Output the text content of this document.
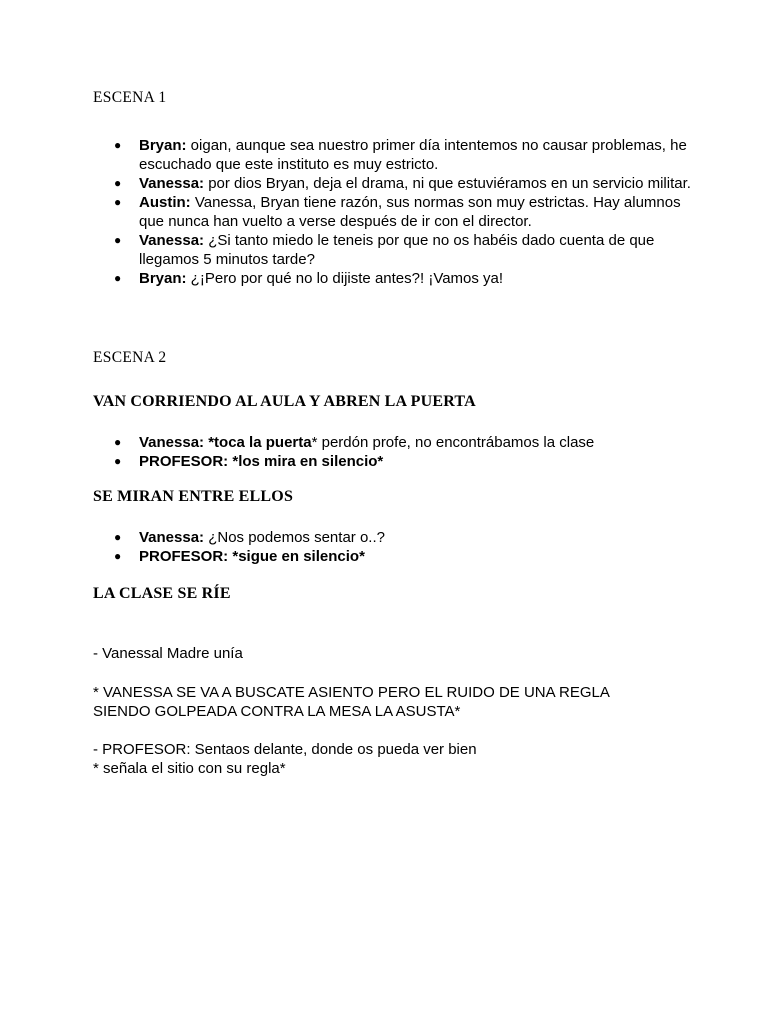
ESCENA 1
● Bryan: oigan, aunque sea nuestro primer día intentemos no causar problemas, he escuchado que este instituto es muy estricto.
● Vanessa: por dios Bryan, deja el drama, ni que estuviéramos en un servicio militar.
● Austin: Vanessa, Bryan tiene razón, sus normas son muy estrictas. Hay alumnos que nunca han vuelto a verse después de ir con el director.
● Vanessa: ¿Si tanto miedo le teneis por que no os habéis dado cuenta de que llegamos 5 minutos tarde?
● Bryan: ¿¡Pero por qué no lo dijiste antes?! ¡Vamos ya!
ESCENA 2
VAN CORRIENDO AL AULA Y ABREN LA PUERTA
● Vanessa: *toca la puerta* perdón profe, no encontrábamos la clase
● PROFESOR: *los mira en silencio*
SE MIRAN ENTRE ELLOS
● Vanessa: ¿Nos podemos sentar o..?
● PROFESOR: *sigue en silencio*
LA CLASE SE RÍE
- Vanessal Madre unía
* VANESSA SE VA A BUSCATE ASIENTO PERO EL RUIDO DE UNA REGLA SIENDO GOLPEADA CONTRA LA MESA LA ASUSTA*
- PROFESOR: Sentaos delante, donde os pueda ver bien
* señala el sitio con su regla*
